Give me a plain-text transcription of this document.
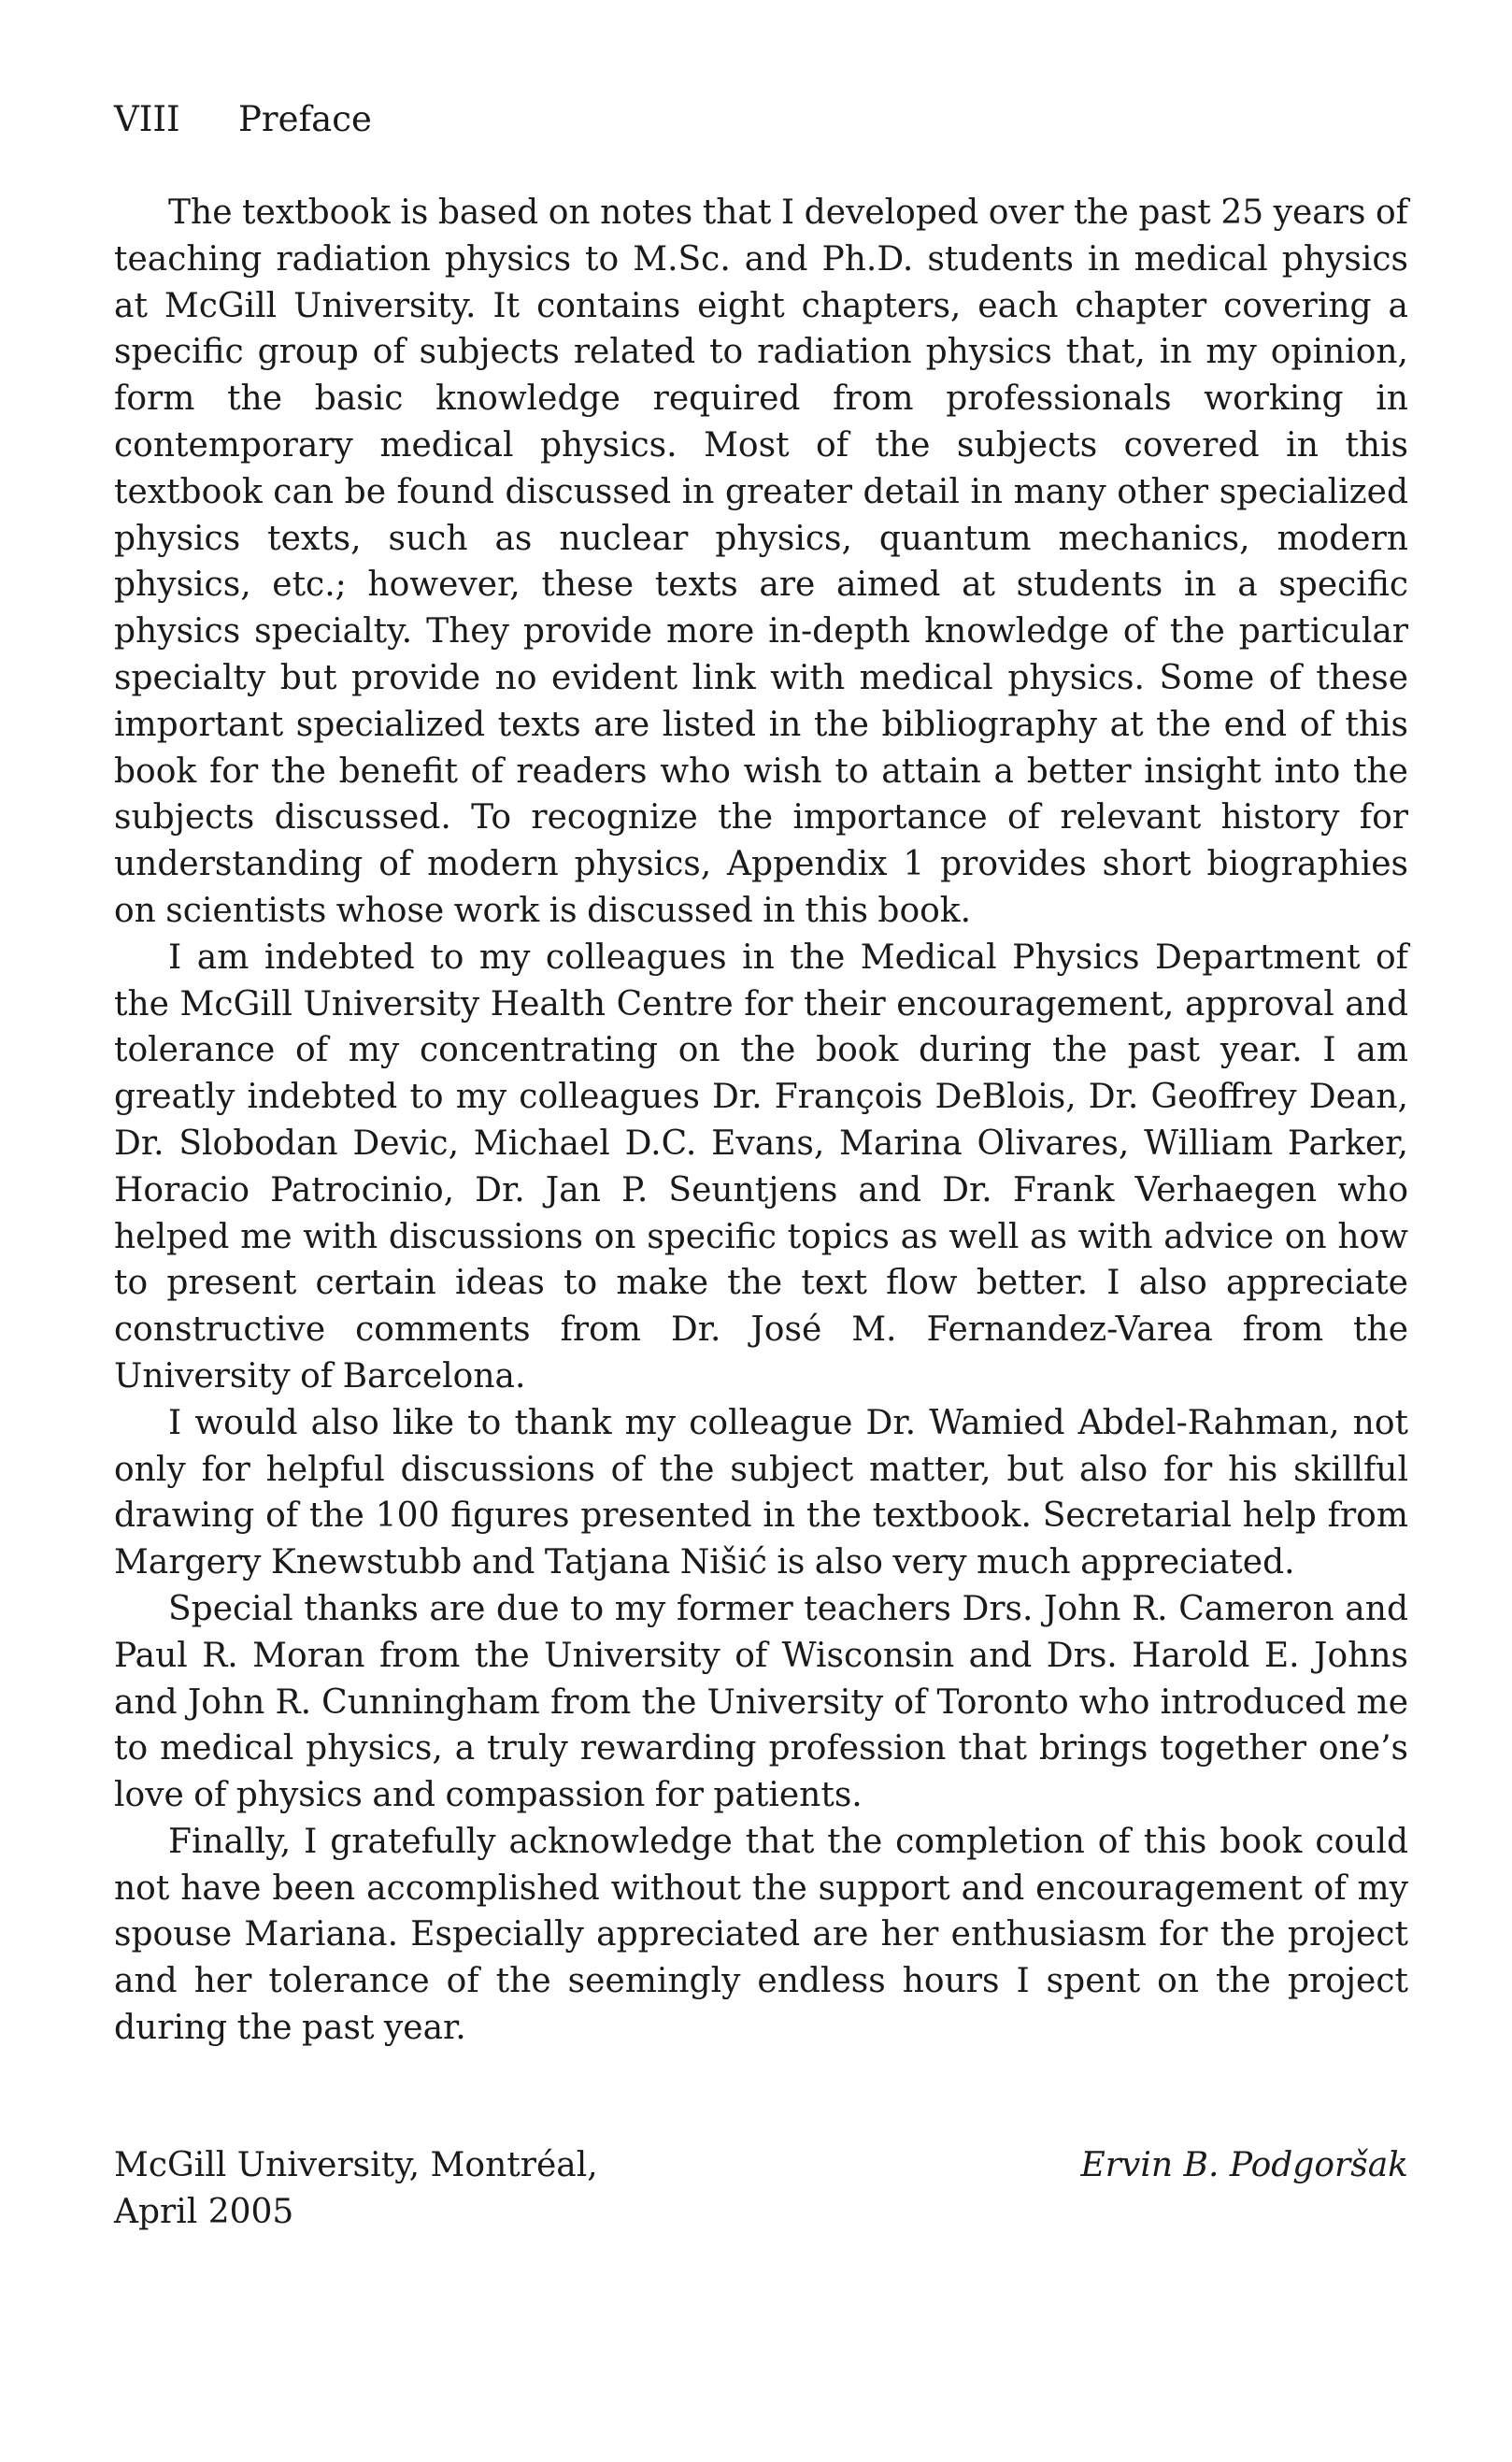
VIII	Preface

The textbook is based on notes that I developed over the past 25 years of teaching radiation physics to M.Sc. and Ph.D. students in medical physics at McGill University. It contains eight chapters, each chapter covering a specific group of subjects related to radiation physics that, in my opinion, form the basic knowledge required from professionals working in contemporary medical physics. Most of the subjects covered in this textbook can be found discussed in greater detail in many other specialized physics texts, such as nuclear physics, quantum mechanics, modern physics, etc.; however, these texts are aimed at students in a specific physics specialty. They provide more in-depth knowledge of the particular specialty but provide no evident link with medical physics. Some of these important specialized texts are listed in the bibliography at the end of this book for the benefit of readers who wish to attain a better insight into the subjects discussed. To recognize the importance of relevant history for understanding of modern physics, Appendix 1 provides short biographies on scientists whose work is discussed in this book.

I am indebted to my colleagues in the Medical Physics Department of the McGill University Health Centre for their encouragement, approval and tolerance of my concentrating on the book during the past year. I am greatly indebted to my colleagues Dr. François DeBlois, Dr. Geoffrey Dean, Dr. Slobodan Devic, Michael D.C. Evans, Marina Olivares, William Parker, Horacio Patrocinio, Dr. Jan P. Seuntjens and Dr. Frank Verhaegen who helped me with discussions on specific topics as well as with advice on how to present certain ideas to make the text flow better. I also appreciate constructive comments from Dr. José M. Fernandez-Varea from the University of Barcelona.

I would also like to thank my colleague Dr. Wamied Abdel-Rahman, not only for helpful discussions of the subject matter, but also for his skillful drawing of the 100 figures presented in the textbook. Secretarial help from Margery Knewstubb and Tatjana Nišić is also very much appreciated.

Special thanks are due to my former teachers Drs. John R. Cameron and Paul R. Moran from the University of Wisconsin and Drs. Harold E. Johns and John R. Cunningham from the University of Toronto who introduced me to medical physics, a truly rewarding profession that brings together one’s love of physics and compassion for patients.

Finally, I gratefully acknowledge that the completion of this book could not have been accomplished without the support and encouragement of my spouse Mariana. Especially appreciated are her enthusiasm for the project and her tolerance of the seemingly endless hours I spent on the project during the past year.

McGill University, Montréal,
April 2005
Ervin B. Podgoršak
